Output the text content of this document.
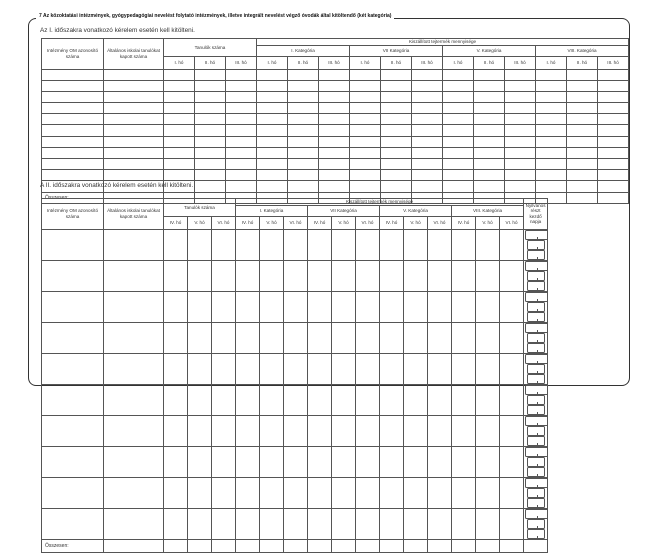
7 Az közoktatási intézmények, gyógypedagógiai nevelést folytató intézmények, illetve integrált nevelést végző óvodák által kitöltendő (két kategória)
Az I. időszakra vonatkozó kérelem esetén kell kitölteni.
Intézmény OM azonosító száma	Általános iskolai tanulókat kapott száma	Tanulók száma			Kiszállított tejtermék mennyisége											
					I. Kategória			VII Kategória			V. Kategória			VIII. Kategória		
		I. hó	II. hó	III. hó	I. hó	II. hó	III. hó	I. hó	II. hó	III. hó	I. hó	II. hó	III. hó	I. hó	II. hó	III. hó

Összesen:																
A II. időszakra vonatkozó kérelem esetén kell kitölteni.
Intézmény OM azonosító száma	Általános iskolai tanulókat kapott száma	Tanulók száma			Kiszállított tejtermék mennyisége												Nyilvános részt kezdő napja
					I. Kategória			VII Kategória			V. Kategória			VIII. Kategória			
		IV. hó	V. hó	VI. hó	IV. hó	V. hó	VI. hó	IV. hó	V. hó	VI. hó	IV. hó	V. hó	VI. hó	IV. hó	V. hó	VI. hó	

Összesen:																	
